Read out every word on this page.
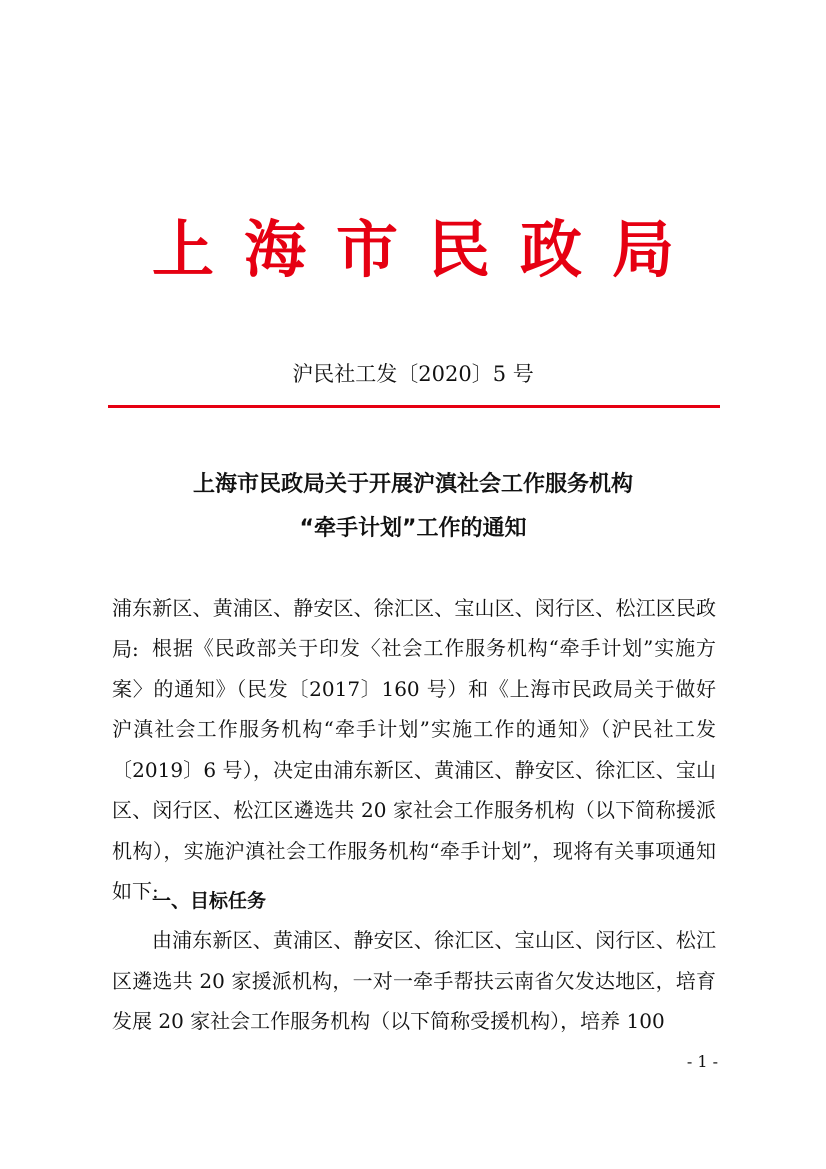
上海市民政局
沪民社工发〔2020〕5 号
上海市民政局关于开展沪滇社会工作服务机构
“牵手计划”工作的通知
浦东新区、黄浦区、静安区、徐汇区、宝山区、闵行区、松江区民政局: 根据《民政部关于印发〈社会工作服务机构“牵手计划”实施方案〉的通知》（民发〔2017〕160 号）和《上海市民政局关于做好沪滇社会工作服务机构“牵手计划”实施工作的通知》（沪民社工发〔2019〕6 号），决定由浦东新区、黄浦区、静安区、徐汇区、宝山区、闵行区、松江区遴选共 20 家社会工作服务机构（以下简称援派机构），实施沪滇社会工作服务机构“牵手计划”，现将有关事项通知如下:
一、目标任务
由浦东新区、黄浦区、静安区、徐汇区、宝山区、闵行区、松江区遴选共 20 家援派机构，一对一牵手帮扶云南省欠发达地区，培育发展 20 家社会工作服务机构（以下简称受援机构），培养 100
- 1 -
